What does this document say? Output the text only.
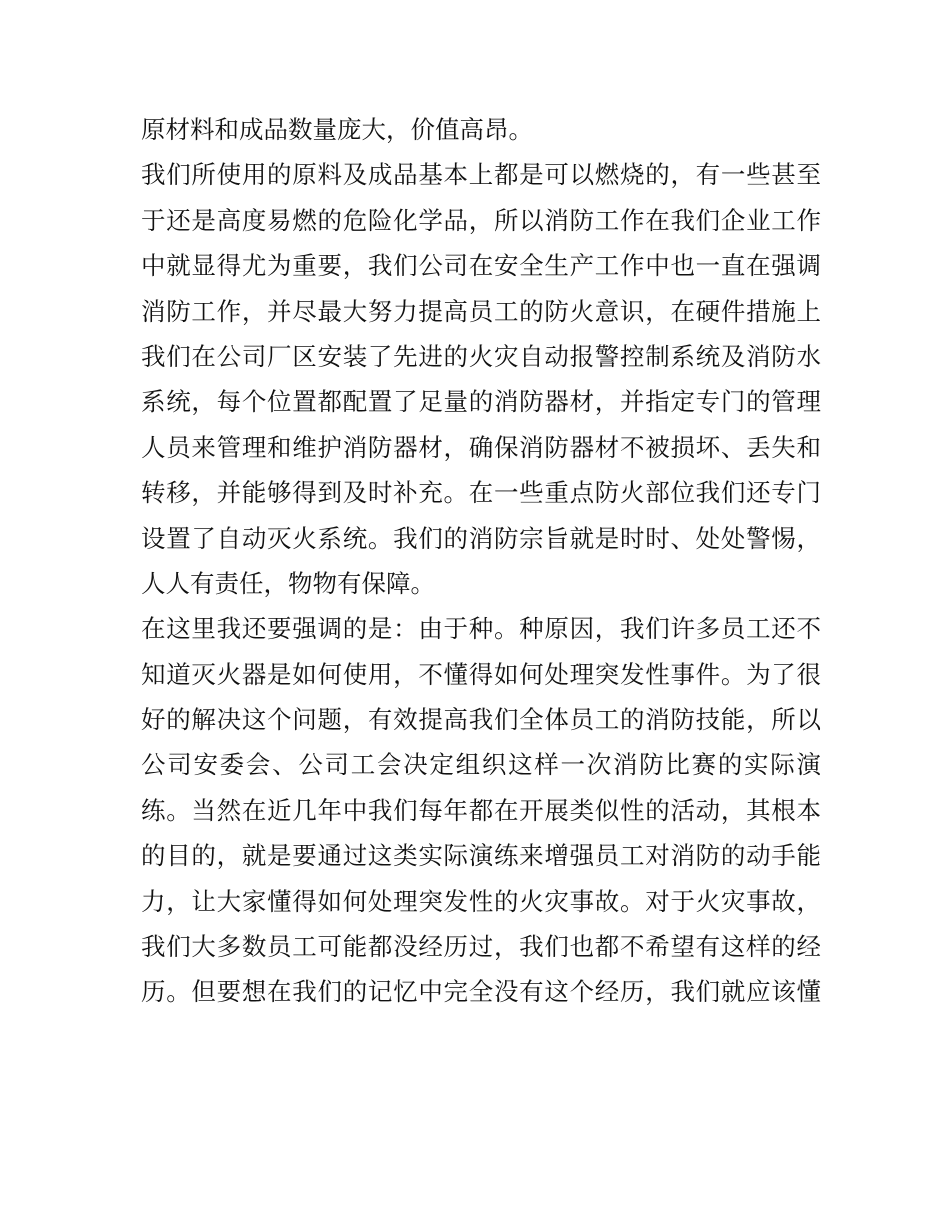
原材料和成品数量庞大，价值高昂。
我们所使用的原料及成品基本上都是可以燃烧的，有一些甚至
于还是高度易燃的危险化学品，所以消防工作在我们企业工作
中就显得尤为重要，我们公司在安全生产工作中也一直在强调
消防工作，并尽最大努力提高员工的防火意识，在硬件措施上
我们在公司厂区安装了先进的火灾自动报警控制系统及消防水
系统，每个位置都配置了足量的消防器材，并指定专门的管理
人员来管理和维护消防器材，确保消防器材不被损坏、丢失和
转移，并能够得到及时补充。在一些重点防火部位我们还专门
设置了自动灭火系统。我们的消防宗旨就是时时、处处警惕，
人人有责任，物物有保障。
在这里我还要强调的是：由于种。种原因，我们许多员工还不
知道灭火器是如何使用，不懂得如何处理突发性事件。为了很
好的解决这个问题，有效提高我们全体员工的消防技能，所以
公司安委会、公司工会决定组织这样一次消防比赛的实际演
练。当然在近几年中我们每年都在开展类似性的活动，其根本
的目的，就是要通过这类实际演练来增强员工对消防的动手能
力，让大家懂得如何处理突发性的火灾事故。对于火灾事故，
我们大多数员工可能都没经历过，我们也都不希望有这样的经
历。但要想在我们的记忆中完全没有这个经历，我们就应该懂
